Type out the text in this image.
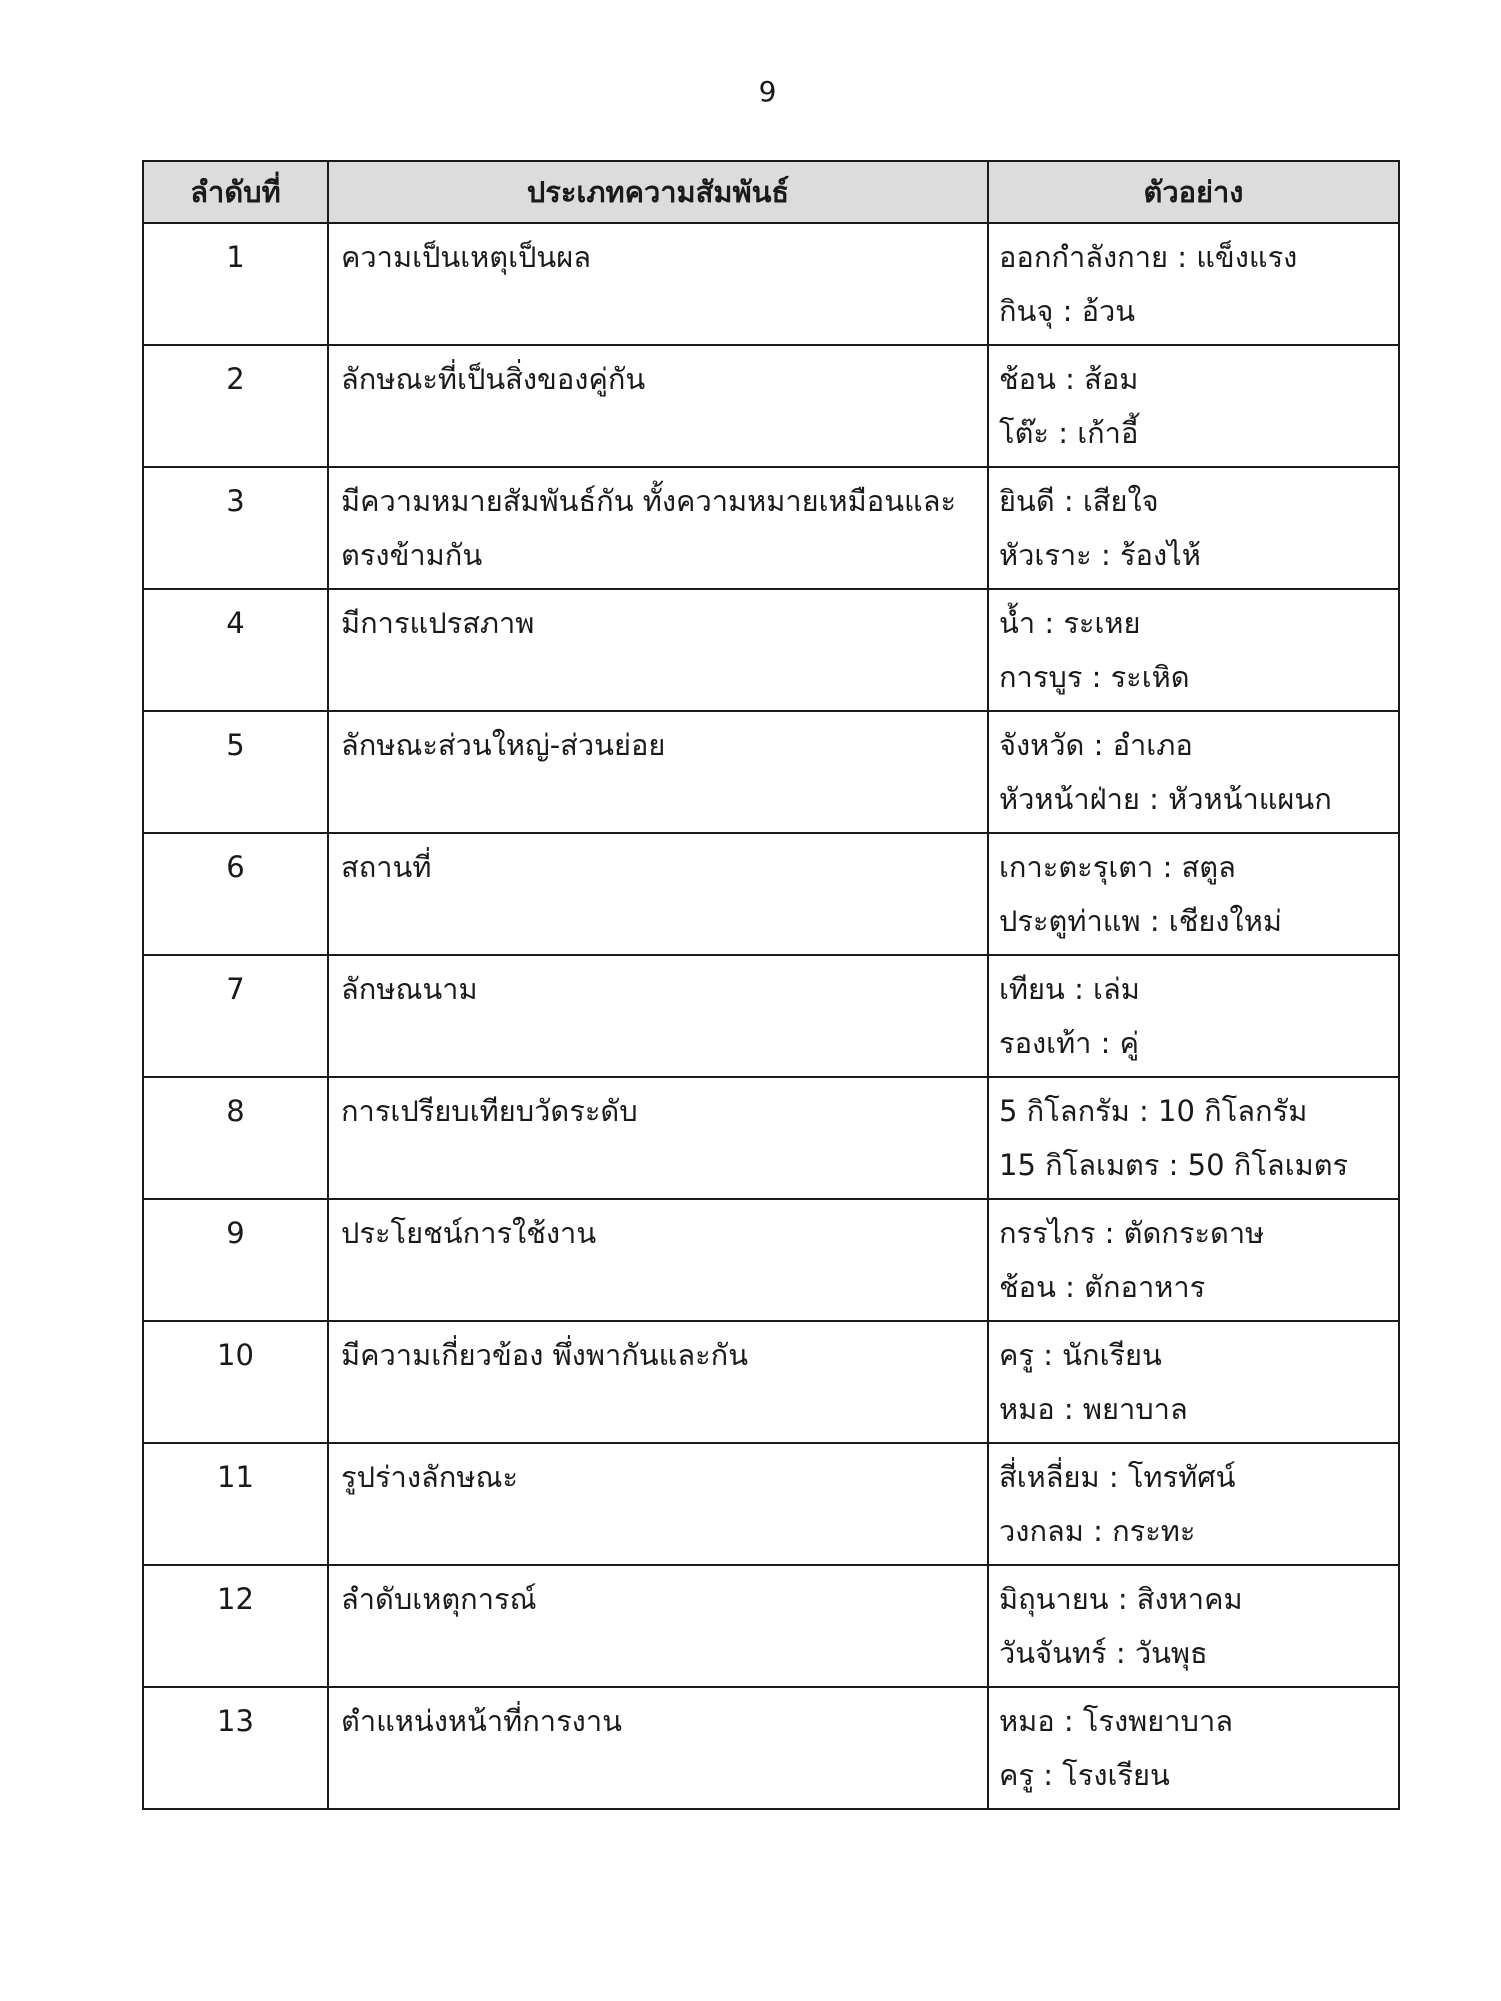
9
ลำดับที่	ประเภทความสัมพันธ์	ตัวอย่าง
1	ความเป็นเหตุเป็นผล	ออกกำลังกาย : แข็งแรง
กินจุ : อ้วน

2	ลักษณะที่เป็นสิ่งของคู่กัน	ช้อน : ส้อม
โต๊ะ : เก้าอี้

3	มีความหมายสัมพันธ์กัน ทั้งความหมายเหมือนและตรงข้ามกัน	ยินดี : เสียใจ
หัวเราะ : ร้องไห้

4	มีการแปรสภาพ	น้ำ : ระเหย
การบูร : ระเหิด

5	ลักษณะส่วนใหญ่-ส่วนย่อย	จังหวัด : อำเภอ
หัวหน้าฝ่าย : หัวหน้าแผนก

6	สถานที่	เกาะตะรุเตา : สตูล
ประตูท่าแพ : เชียงใหม่

7	ลักษณนาม	เทียน : เล่ม
รองเท้า : คู่

8	การเปรียบเทียบวัดระดับ	5 กิโลกรัม : 10 กิโลกรัม
15 กิโลเมตร : 50 กิโลเมตร

9	ประโยชน์การใช้งาน	กรรไกร : ตัดกระดาษ
ช้อน : ตักอาหาร

10	มีความเกี่ยวข้อง พึ่งพากันและกัน	ครู : นักเรียน
หมอ : พยาบาล

11	รูปร่างลักษณะ	สี่เหลี่ยม : โทรทัศน์
วงกลม : กระทะ

12	ลำดับเหตุการณ์	มิถุนายน : สิงหาคม
วันจันทร์ : วันพุธ

13	ตำแหน่งหน้าที่การงาน	หมอ : โรงพยาบาล
ครู : โรงเรียน
